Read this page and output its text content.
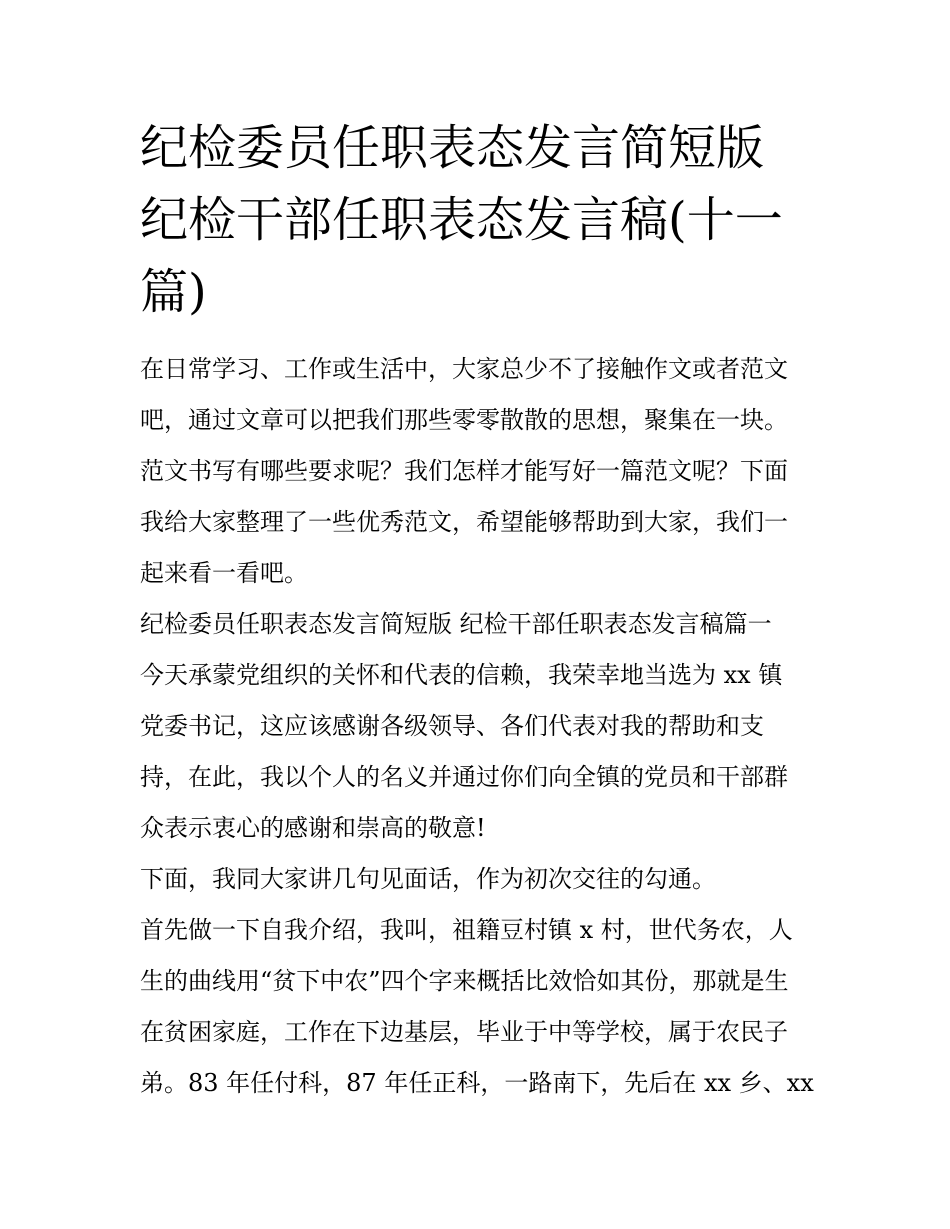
纪检委员任职表态发言简短版
纪检干部任职表态发言稿(十一
篇)
在日常学习、工作或生活中，大家总少不了接触作文或者范文
吧，通过文章可以把我们那些零零散散的思想，聚集在一块。
范文书写有哪些要求呢？我们怎样才能写好一篇范文呢？下面
我给大家整理了一些优秀范文，希望能够帮助到大家，我们一
起来看一看吧。
纪检委员任职表态发言简短版 纪检干部任职表态发言稿篇一
今天承蒙党组织的关怀和代表的信赖，我荣幸地当选为 xx 镇
党委书记，这应该感谢各级领导、各们代表对我的帮助和支
持，在此，我以个人的名义并通过你们向全镇的党员和干部群
众表示衷心的感谢和崇高的敬意!
下面，我同大家讲几句见面话，作为初次交往的勾通。
首先做一下自我介绍，我叫，祖籍豆村镇 x 村，世代务农，人
生的曲线用“贫下中农”四个字来概括比效恰如其份，那就是生
在贫困家庭，工作在下边基层，毕业于中等学校，属于农民子
弟。83 年任付科，87 年任正科，一路南下，先后在 xx 乡、xx
